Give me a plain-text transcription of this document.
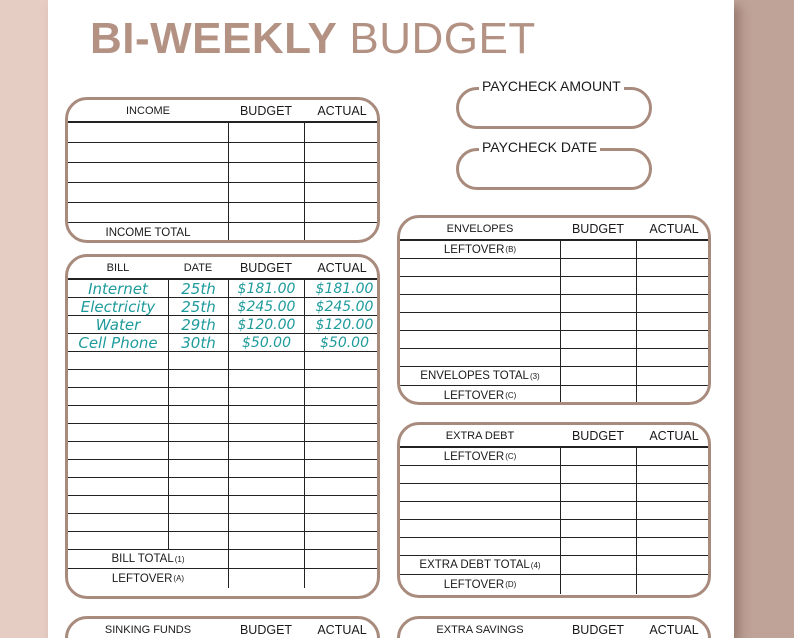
BI-WEEKLY BUDGET
INCOME	BUDGET	ACTUAL
INCOME TOTAL
PAYCHECK AMOUNT
PAYCHECK DATE
BILL	DATE	BUDGET	ACTUAL
Internet	25th	$181.00	$181.00
Electricity	25th	$245.00	$245.00
Water	29th	$120.00	$120.00
Cell Phone	30th	$50.00	$50.00
BILL TOTAL (1)
LEFTOVER (A)
ENVELOPES	BUDGET	ACTUAL
LEFTOVER (B)
ENVELOPES TOTAL (3)
LEFTOVER (C)
EXTRA DEBT	BUDGET	ACTUAL
LEFTOVER (C)
EXTRA DEBT TOTAL (4)
LEFTOVER (D)
SINKING FUNDS	BUDGET	ACTUAL	EXTRA SAVINGS	BUDGET	ACTUAL
